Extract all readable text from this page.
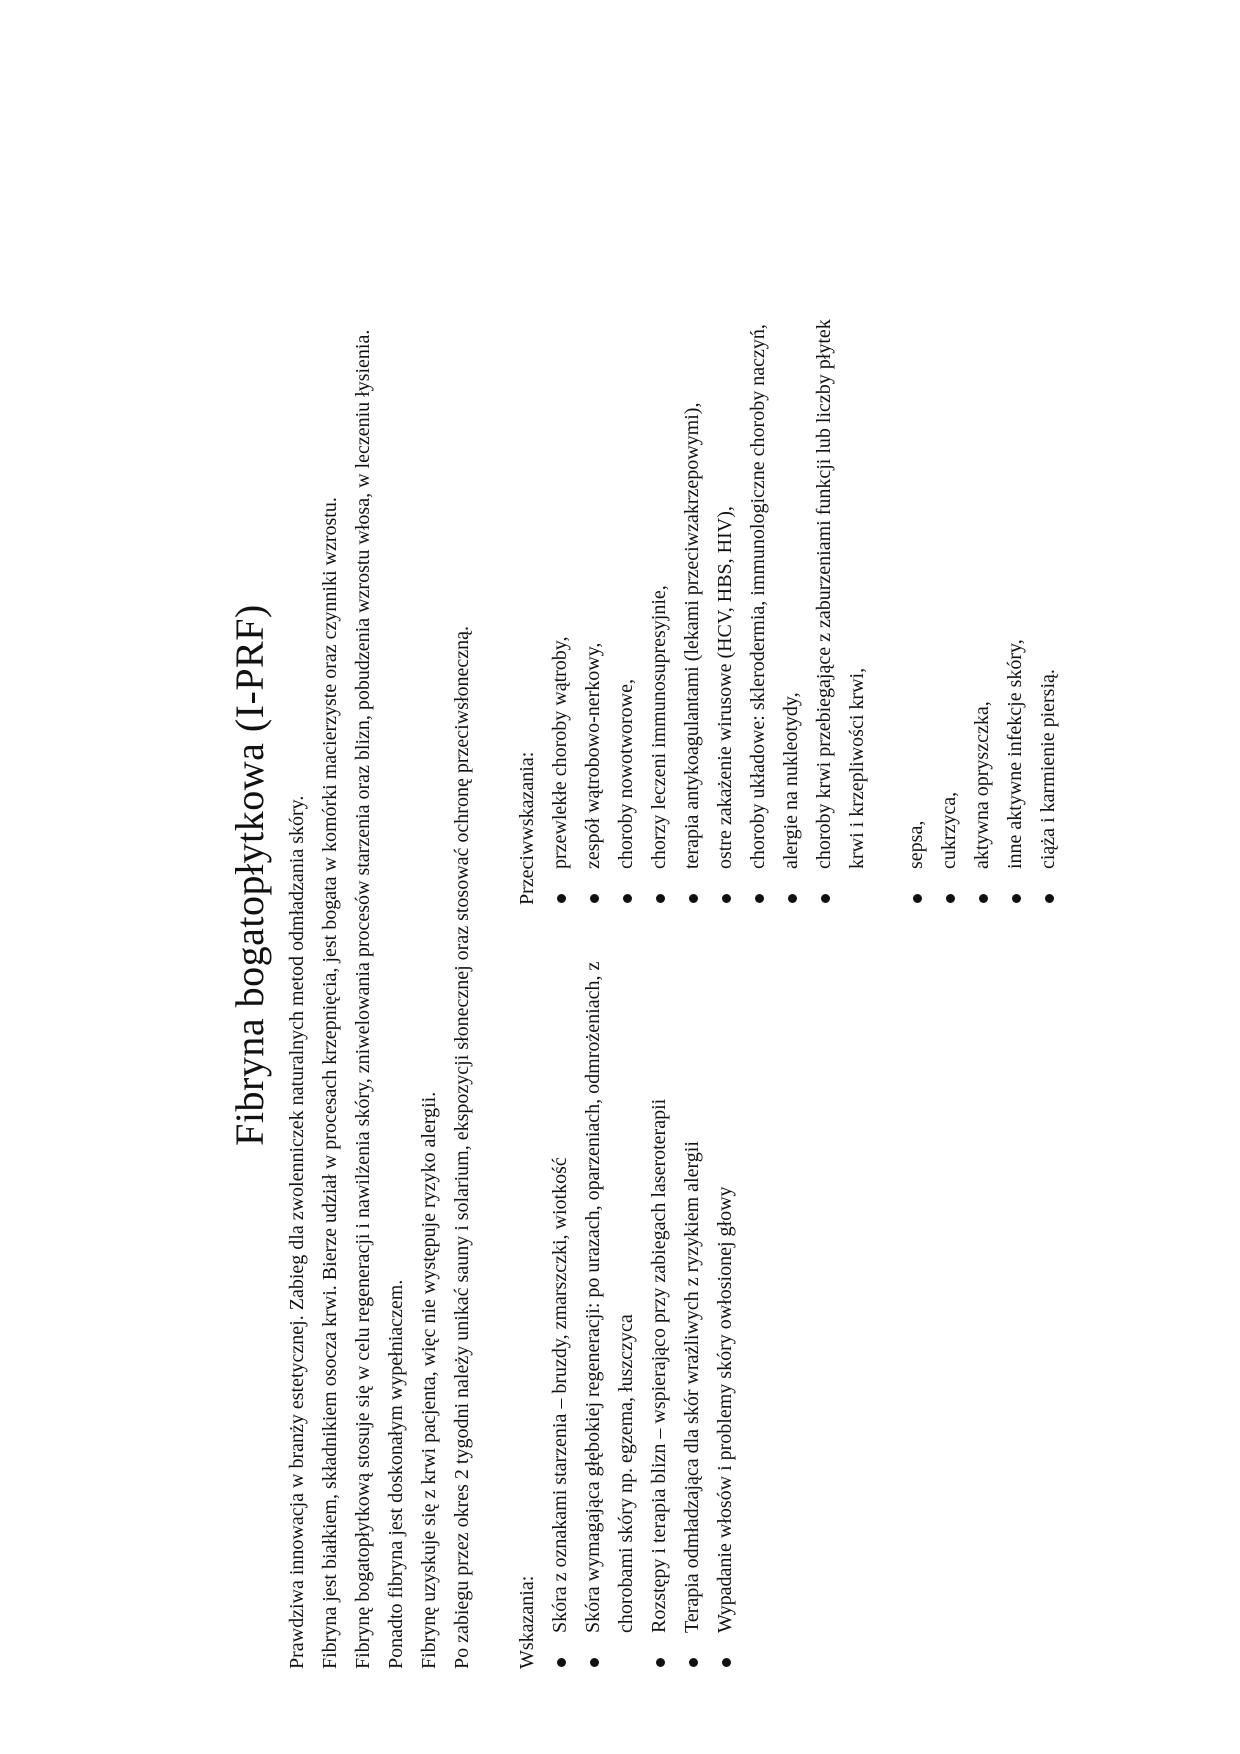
Fibryna bogatopłytkowa (I-PRF) Prawdziwa innowacja w branży estetycznej. Zabieg dla zwolenniczek naturalnych metod odmładzania skóry. Fibryna jest białkiem, składnikiem osocza krwi. Bierze udział w procesach krzepnięcia, jest bogata w komórki macierzyste oraz czynniki wzrostu. Fibrynę bogatopłytkową stosuje się w celu regeneracji i nawilżenia skóry, zniwelowania procesów starzenia oraz blizn, pobudzenia wzrostu włosa, w leczeniu łysienia. Ponadto fibryna jest doskonałym wypełniaczem. Fibrynę uzyskuje się z krwi pacjenta, więc nie występuje ryzyko alergii. Po zabiegu przez okres 2 tygodni należy unikać sauny i solarium, ekspozycji słonecznej oraz stosować ochronę przeciwsłoneczną.	Wskazania: Skóra z oznakami starzenia – bruzdy, zmarszczki, wiotkość Skóra wymagająca głębokiej regeneracji: po urazach, oparzeniach, odmrożeniach, z chorobami skóry np. egzema, łuszczyca Rozstępy i terapia blizn – wspierająco przy zabiegach laseroterapii Terapia odmładzająca dla skór wrażliwych z ryzykiem alergii Wypadanie włosów i problemy skóry owłosionej głowy
Przeciwwskazania: przewlekłe choroby wątroby, zespół wątrobowo-nerkowy, choroby nowotworowe, chorzy leczeni immunosupresyjnie, terapia antykoagulantami (lekami przeciwzakrzepowymi), ostre zakażenie wirusowe (HCV, HBS, HIV), choroby układowe: sklerodermia, immunologiczne choroby naczyń, alergie na nukleotydy, choroby krwi przebiegające z zaburzeniami funkcji lub liczby płytek krwi i krzepliwości krwi,	sepsa, cukrzyca, aktywna opryszczka, inne aktywne infekcje skóry, ciąża i karmienie piersią.
